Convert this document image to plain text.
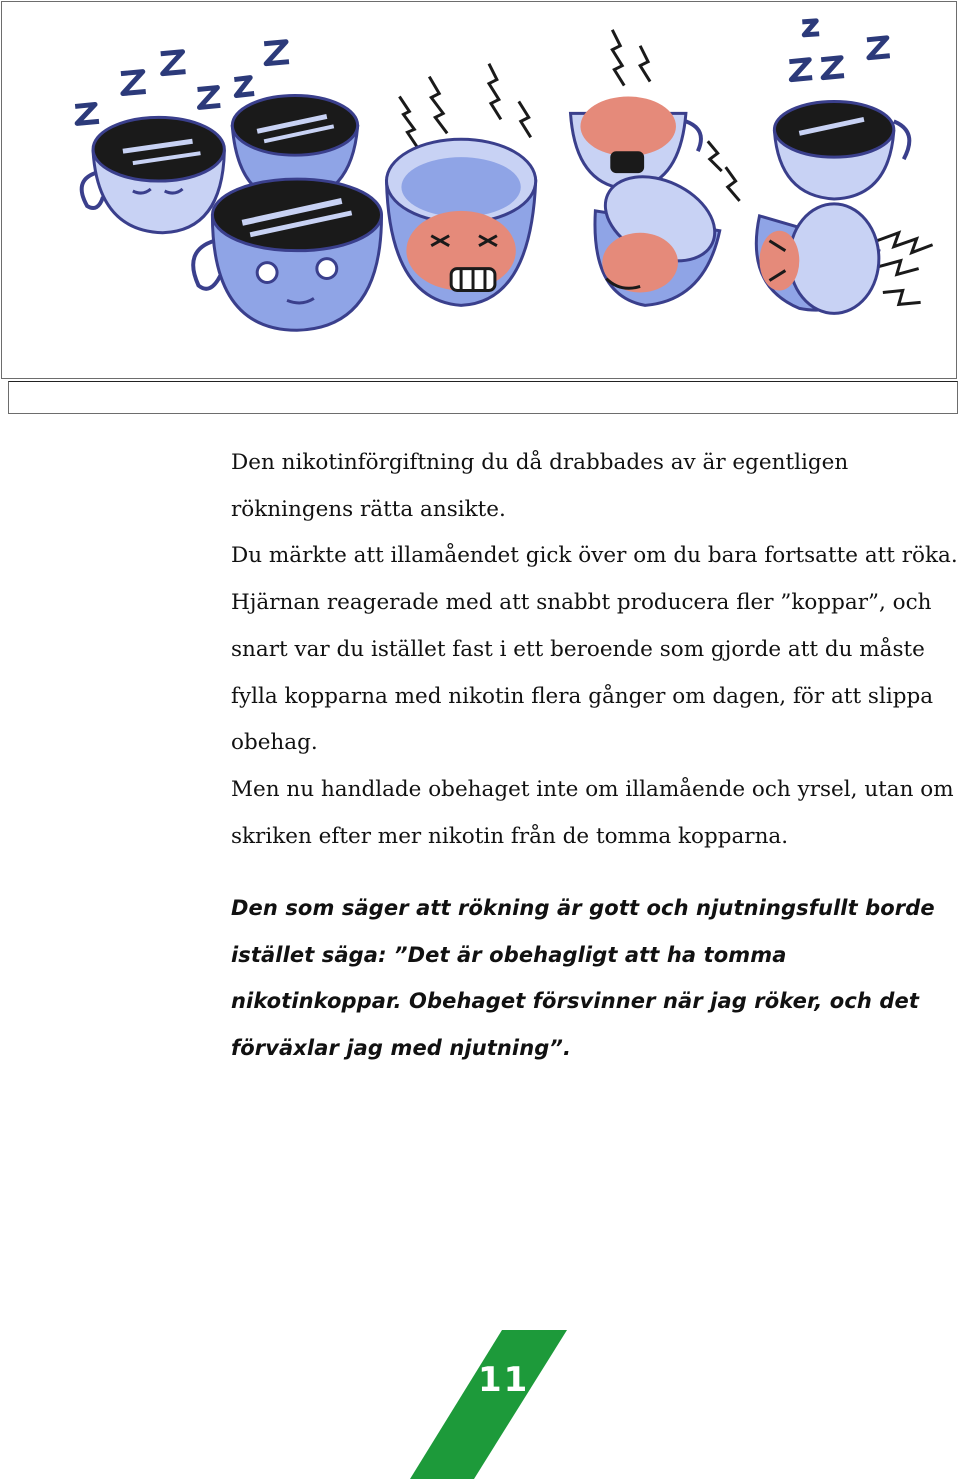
Den nikotinförgiftning du då drabbades av är egentligen rökningens rätta ansikte.

Du märkte att illamåendet gick över om du bara fortsatte att röka. Hjärnan reagerade med att snabbt producera fler ”koppar”, och snart var du istället fast i ett beroende som gjorde att du måste fylla kopparna med nikotin flera gånger om dagen, för att slippa obehag.

Men nu handlade obehaget inte om illamående och yrsel, utan om skriken efter mer nikotin från de tomma kopparna.

Den som säger att rökning är gott och njutningsfullt borde istället säga: ”Det är obehagligt att ha tomma nikotinkoppar. Obehaget försvinner när jag röker, och det förväxlar jag med njutning”.
11
